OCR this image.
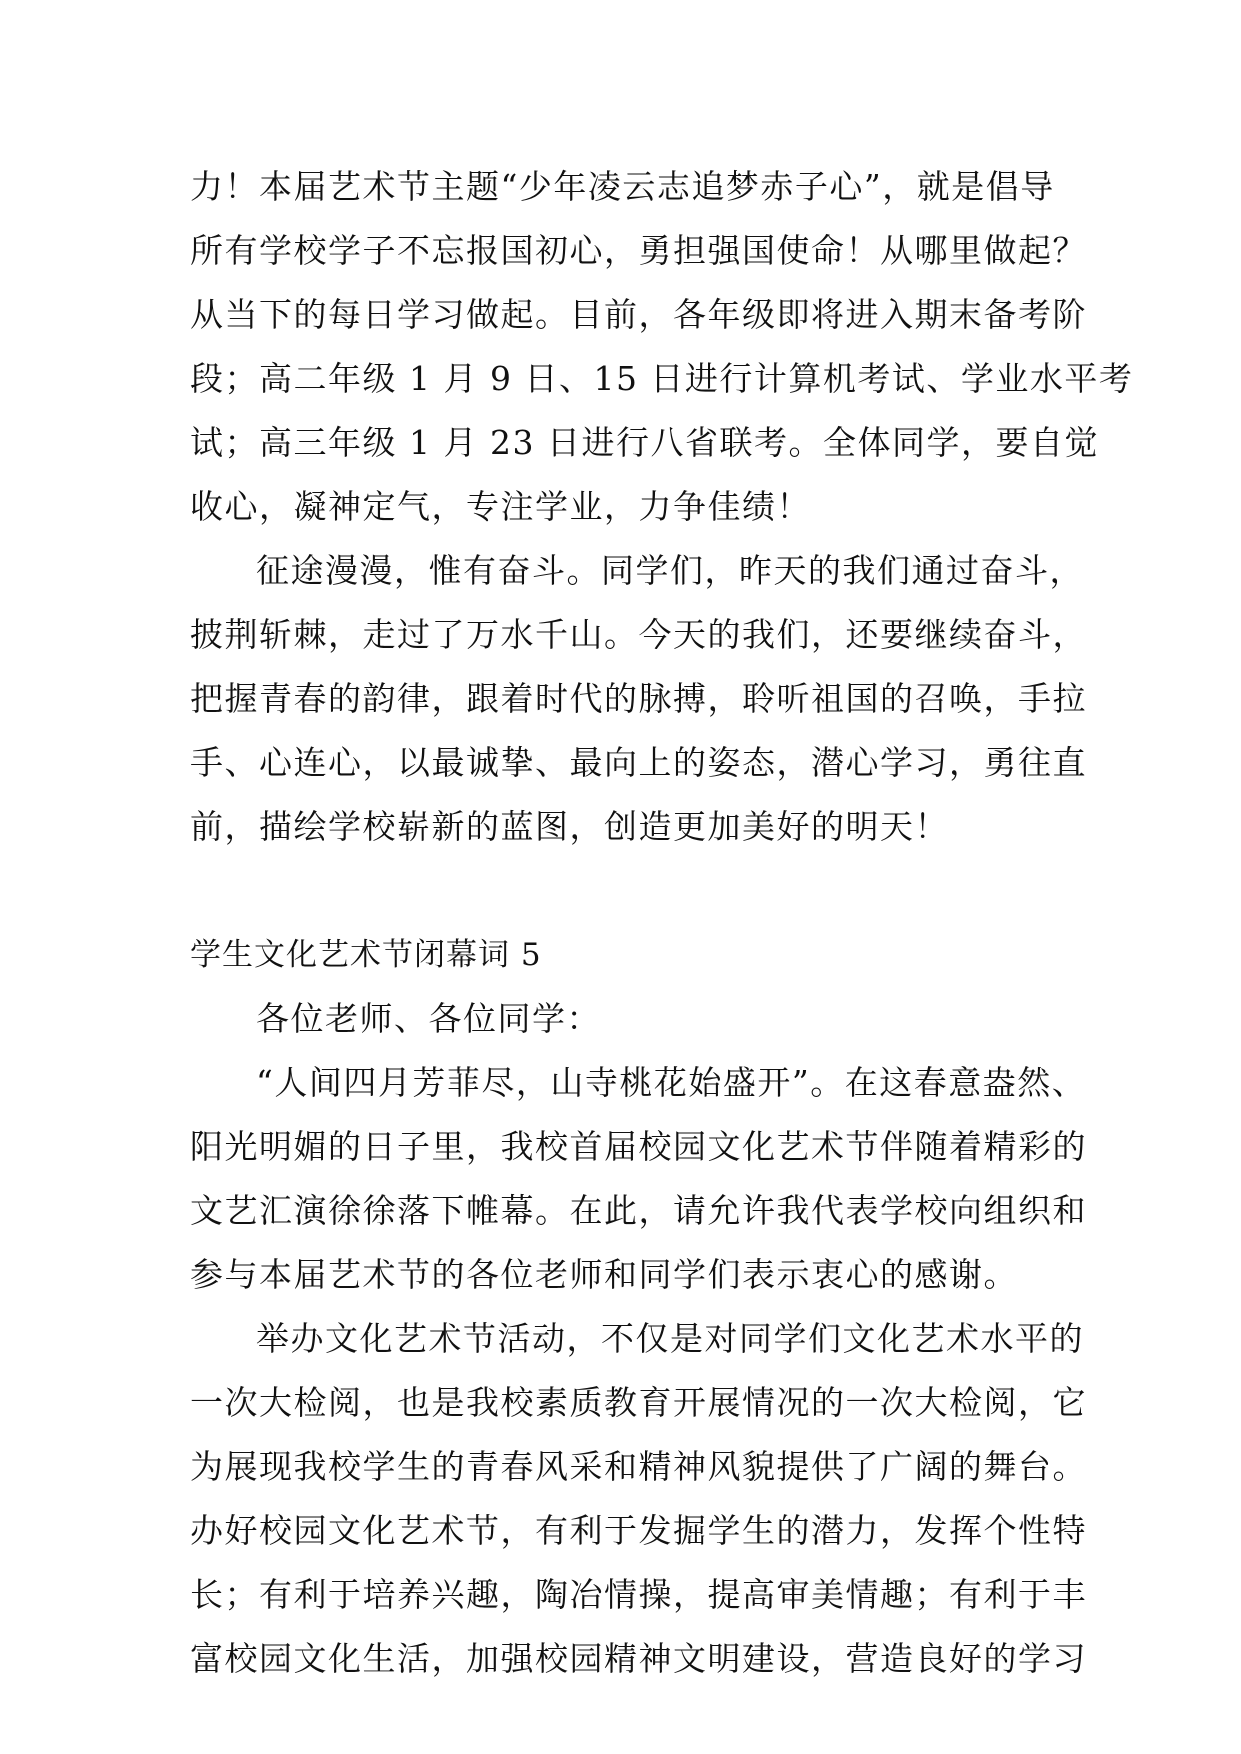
力！本届艺术节主题“少年凌云志追梦赤子心”，就是倡导
所有学校学子不忘报国初心，勇担强国使命！从哪里做起？
从当下的每日学习做起。目前，各年级即将进入期末备考阶
段；高二年级 1 月 9 日、15 日进行计算机考试、学业水平考
试；高三年级 1 月 23 日进行八省联考。全体同学，要自觉
收心，凝神定气，专注学业，力争佳绩！
征途漫漫，惟有奋斗。同学们，昨天的我们通过奋斗，
披荆斩棘，走过了万水千山。今天的我们，还要继续奋斗，
把握青春的韵律，跟着时代的脉搏，聆听祖国的召唤，手拉
手、心连心，以最诚挚、最向上的姿态，潜心学习，勇往直
前，描绘学校崭新的蓝图，创造更加美好的明天！
学生文化艺术节闭幕词 5
各位老师、各位同学：
“人间四月芳菲尽，山寺桃花始盛开”。在这春意盎然、
阳光明媚的日子里，我校首届校园文化艺术节伴随着精彩的
文艺汇演徐徐落下帷幕。在此，请允许我代表学校向组织和
参与本届艺术节的各位老师和同学们表示衷心的感谢。
举办文化艺术节活动，不仅是对同学们文化艺术水平的
一次大检阅，也是我校素质教育开展情况的一次大检阅，它
为展现我校学生的青春风采和精神风貌提供了广阔的舞台。
办好校园文化艺术节，有利于发掘学生的潜力，发挥个性特
长；有利于培养兴趣，陶冶情操，提高审美情趣；有利于丰
富校园文化生活，加强校园精神文明建设，营造良好的学习
